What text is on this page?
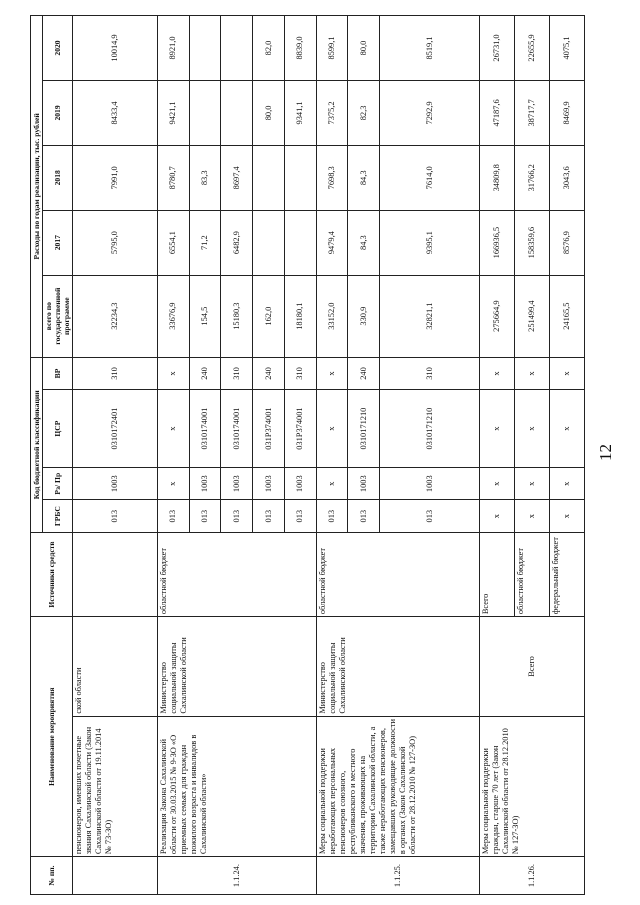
12
№ пп.	Наименование мероприятия		Источники средств	Код бюджетной классификации				Расходы по годам реализации, тыс. рублей				
				ГРБС	Рз/ Пр	ЦСР	ВР	всего по государственной программе	2017	2018	2019	2020
	пенсионеров, имевших почетные звания Сахалинской области (Закон Сахалинской области от 19.11.2014 № 73-ЗО)	ской области		013	1003	0310172401	310	32234,3	5795,0	7991,0	8433,4	10014,9
1.1.24.	Реализация Закона Сахалинской области от 30.03.2015 № 9-ЗО «О приемных семьях для граждан пожилого возраста и инвалидов в Сахалинской области»	Министерство социальной защиты Сахалинской области	областной бюджет	013	х	х	х	33676,9	6554,1	8780,7	9421,1	8921,0
				013	1003	0310174001	240	154,5	71,2	83,3		
				013	1003	0310174001	310	15180,3	6482,9	8697,4		
				013	1003	031Р374001	240	162,0			80,0	82,0
				013	1003	031Р374001	310	18180,1			9341,1	8839,0
1.1.25.	Меры социальной поддержки неработающих персональных пенсионеров союзного, республиканского и местного значения, проживающих на территории Сахалинской области, а также неработающих пенсионеров, замещавших руководящие должности в органах (Закон Сахалинской области от 28.12.2010 № 127-ЗО)	Министерство социальной защиты Сахалинской области	областной бюджет	013	х	х	х	33152,0	9479,4	7698,3	7375,2	8599,1
				013	1003	0310171210	240	330,9	84,3	84,3	82,3	80,0
				013	1003	0310171210	310	32821,1	9395,1	7614,0	7292,9	8519,1
1.1.26.	Меры социальной поддержки граждан, старше 70 лет (Закон Сахалинской области от 28.12.2010 № 127-ЗО)	Всего	Всего	х	х	х	х	275664,9	166936,5	34809,8	47187,6	26731,0
			областной бюджет	х	х	х	х	251499,4	158359,6	31766,2	38717,7	22655,9
			федеральный бюджет	х	х	х	х	24165,5	8576,9	3043,6	8469,9	4075,1
